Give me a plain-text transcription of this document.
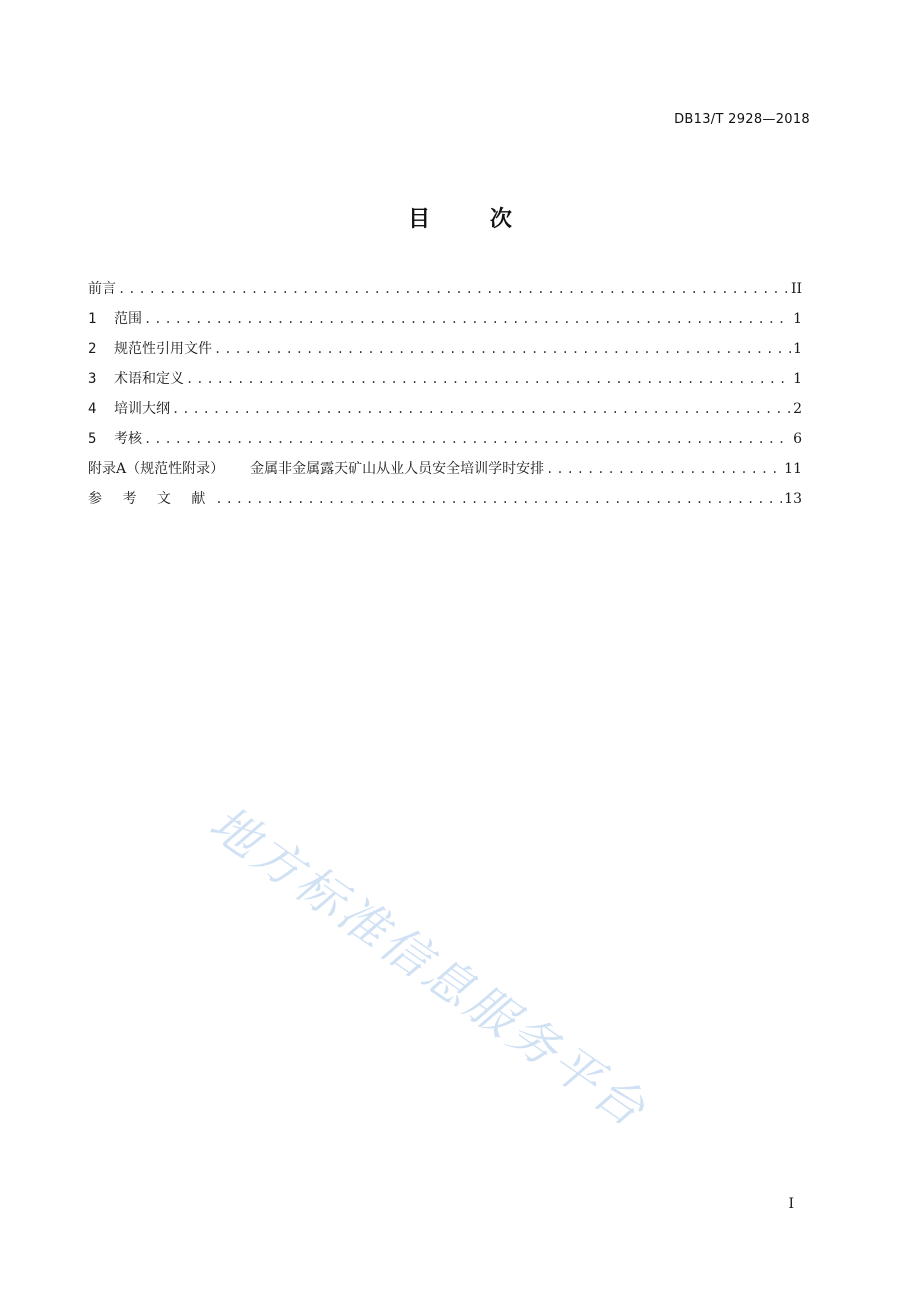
DB13/T 2928—2018
目 次
前言 .....	II
1	范围 .....	1
2	规范性引用文件 .....	1
3	术语和定义 .....	1
4	培训大纲 .....	2
5	考核 .....	6
附录A（规范性附录） 金属非金属露天矿山从业人员安全培训学时安排 .....	11
参 考 文 献 .....	13
地方标准信息服务平台
I
